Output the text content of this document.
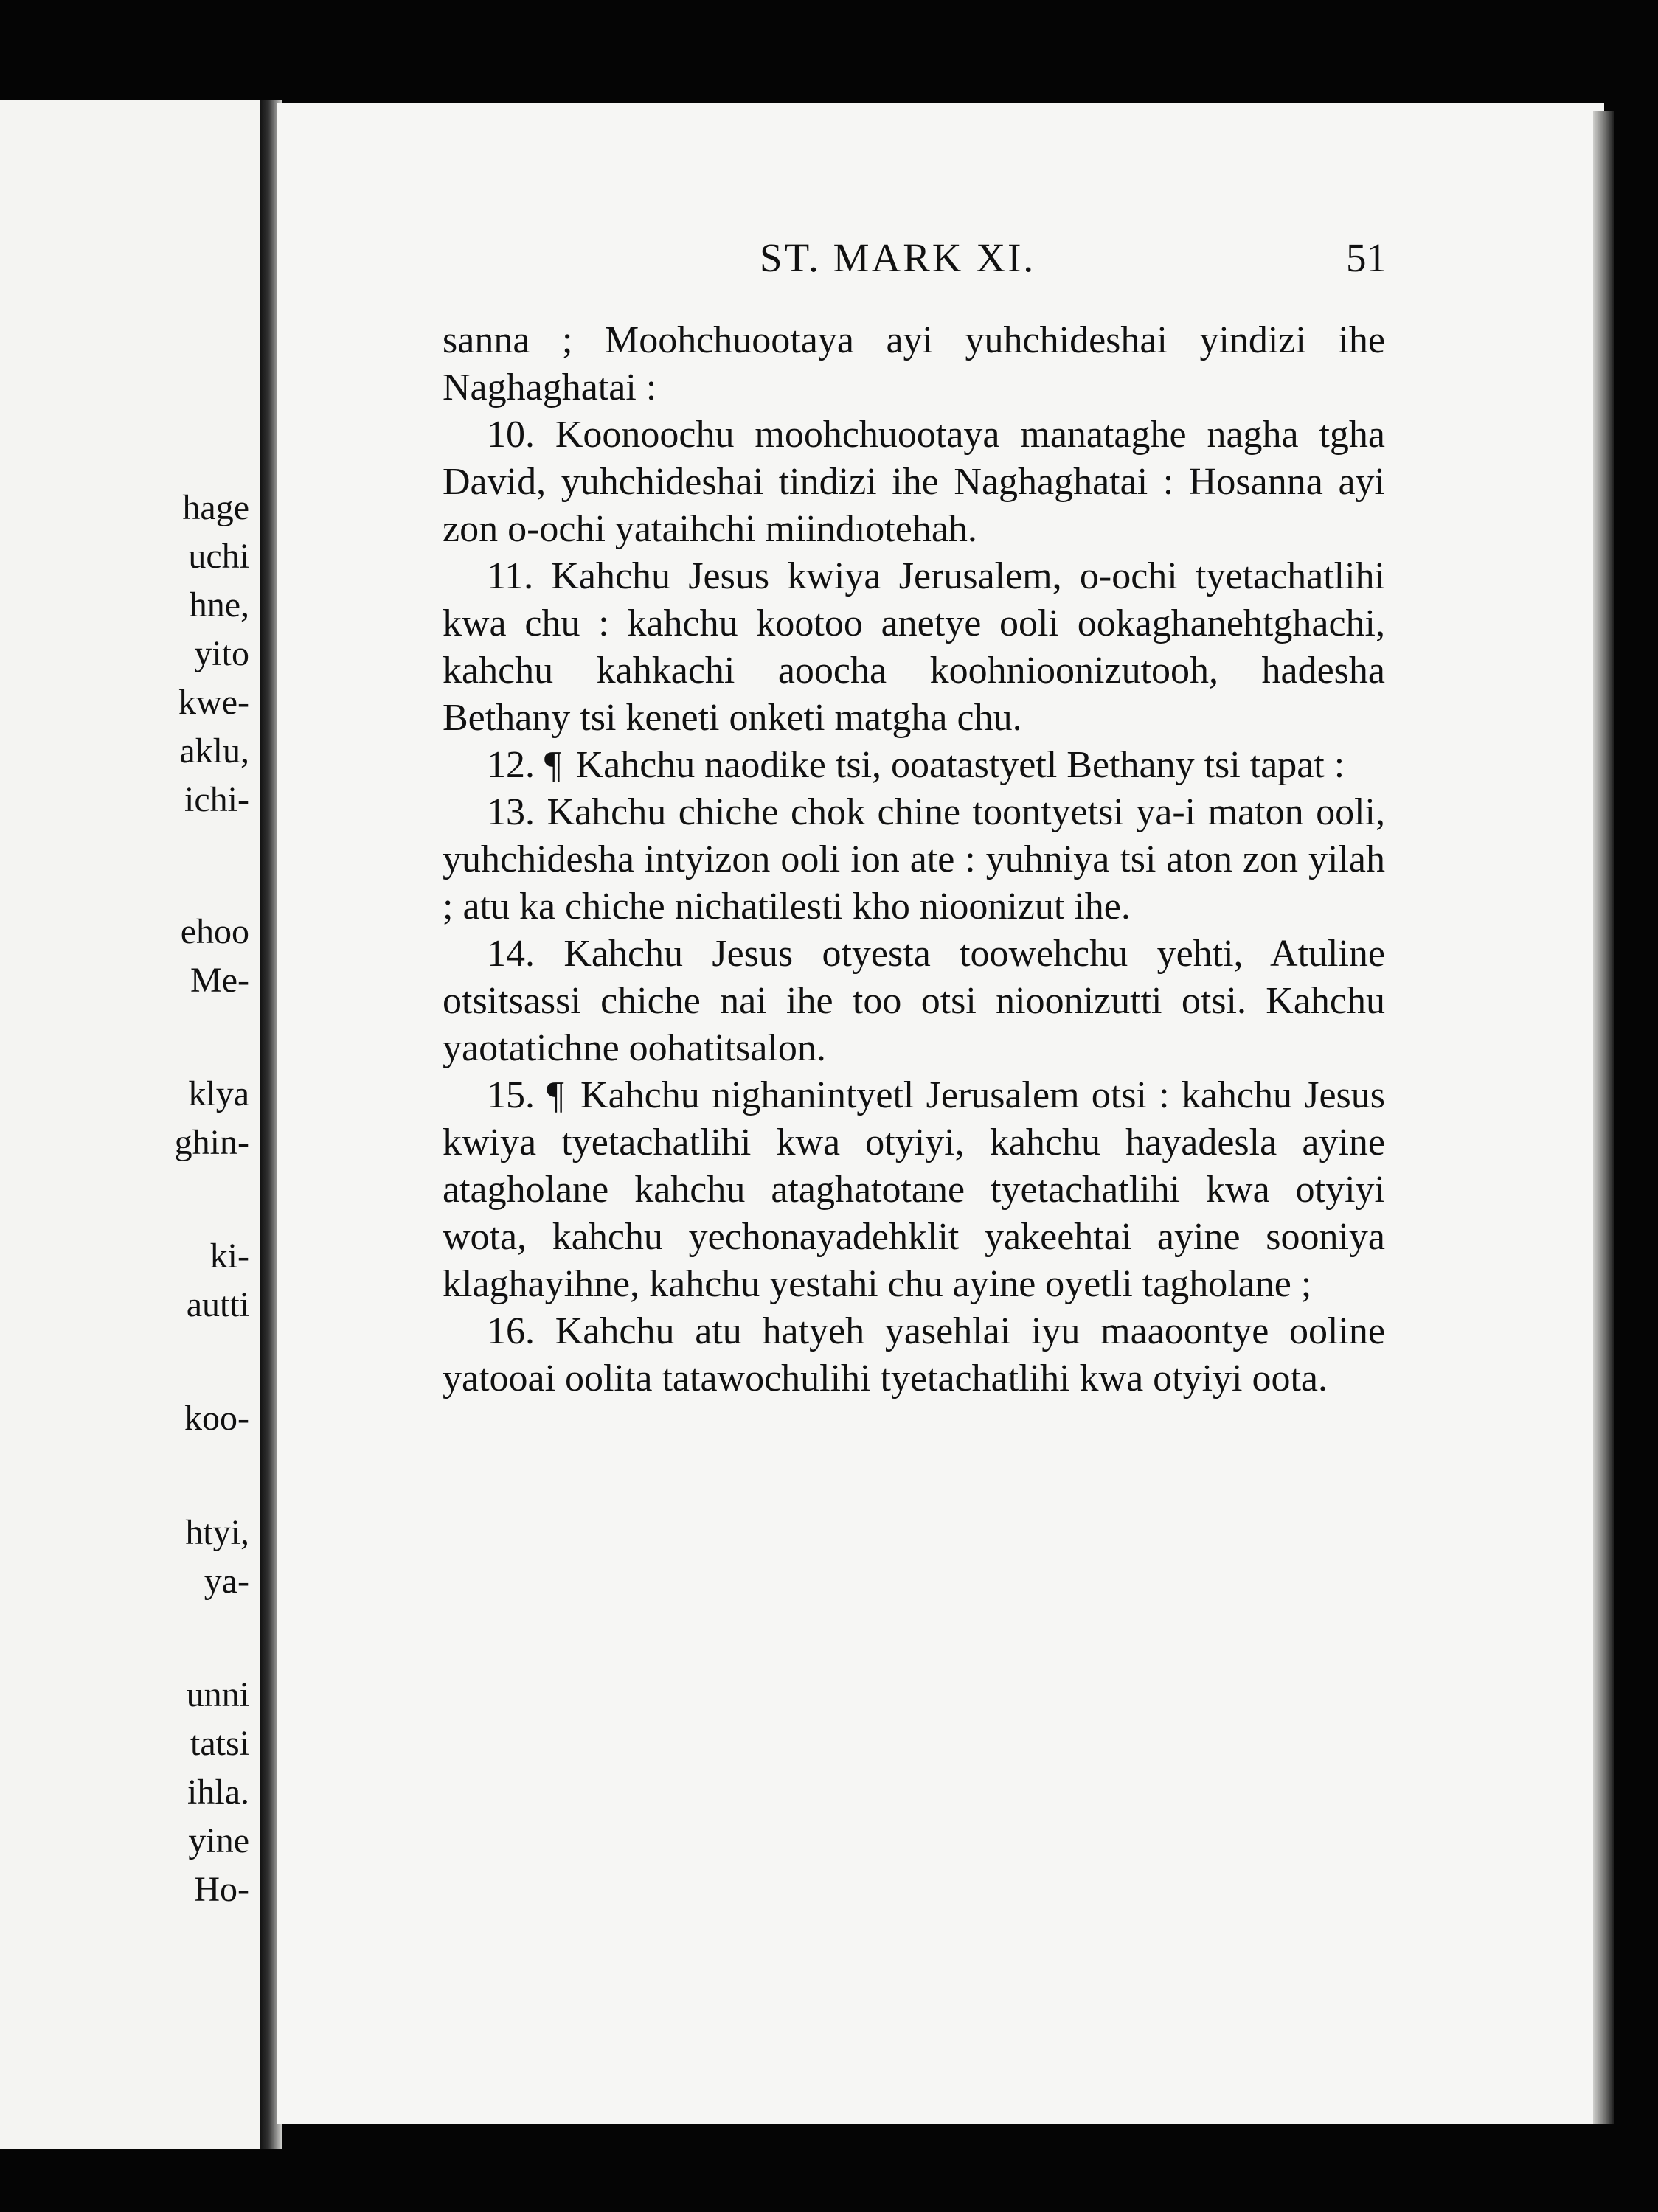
hage

uchi

hne,

yito

kwe-

aklu,

ichi-

ehoo

Me-

klya

ghin-

ki-

autti

koo-

htyi,

ya-

unni

tatsi

ihla.

yine

Ho-

ST. MARK XI.	51

sanna ; Moohchuootaya ayi yuhchideshai yindizi ihe Naghaghatai :

10. Koonoochu moohchuootaya manataghe nagha tgha David, yuhchideshai tindizi ihe Naghaghatai : Hosanna ayi zon o-ochi yataihchi miindıotehah.

11. Kahchu Jesus kwiya Jerusalem, o-ochi tyetachatlihi kwa chu : kahchu kootoo anetye ooli ookaghanehtghachi, kahchu kahkachi aoocha koohnioonizutooh, hadesha Bethany tsi keneti onketi matgha chu.

12. ¶ Kahchu naodike tsi, ooatastyetl Bethany tsi tapat :

13. Kahchu chiche chok chine toontyetsi ya-i maton ooli, yuhchidesha intyizon ooli ion ate : yuhniya tsi aton zon yilah ; atu ka chiche nichatilesti kho nioonizut ihe.

14. Kahchu Jesus otyesta toowehchu yehti, Atuline otsitsassi chiche nai ihe too otsi nioonizutti otsi. Kahchu yaotatichne oohatitsalon.

15. ¶ Kahchu nighanintyetl Jerusalem otsi : kahchu Jesus kwiya tyetachatlihi kwa otyiyi, kahchu hayadesla ayine atagholane kahchu ataghatotane tyetachatlihi kwa otyiyi wota, kahchu yechonayadehklit yakeehtai ayine sooniya klaghayihne, kahchu yestahi chu ayine oyetli tagholane ;

16. Kahchu atu hatyeh yasehlai iyu maaoontye ooline yatooai oolita tatawochulihi tyetachatlihi kwa otyiyi oota.
